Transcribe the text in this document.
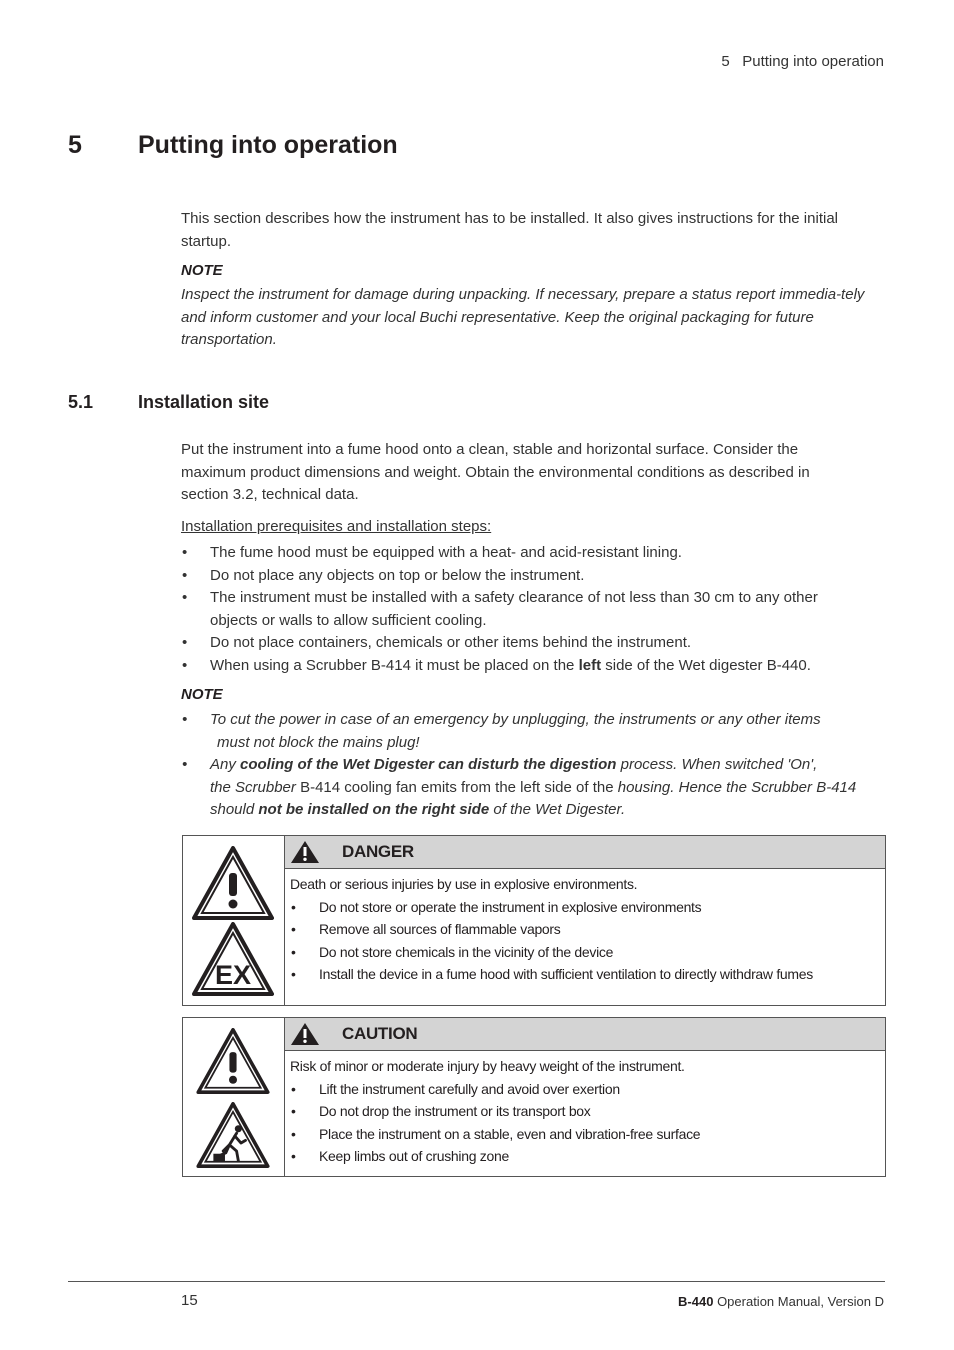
5   Putting into operation
5 Putting into operation
This section describes how the instrument has to be installed. It also gives instructions for the initial startup.
NOTE
Inspect the instrument for damage during unpacking. If necessary, prepare a status report immedia-tely and inform customer and your local Buchi representative. Keep the original packaging for future transportation.
5.1 Installation site
Put the instrument into a fume hood onto a clean, stable and horizontal surface. Consider the maximum product dimensions and weight. Obtain the environmental conditions as described in section 3.2, technical data.
Installation prerequisites and installation steps:
• The fume hood must be equipped with a heat- and acid-resistant lining.
• Do not place any objects on top or below the instrument.
• The instrument must be installed with a safety clearance of not less than 30 cm to any other objects or walls to allow sufficient cooling.
• Do not place containers, chemicals or other items behind the instrument.
• When using a Scrubber B-414 it must be placed on the left side of the Wet digester B-440.
NOTE
• To cut the power in case of an emergency by unplugging, the instruments or any other items
must not block the mains plug!
• Any cooling of the Wet Digester can disturb the digestion process. When switched 'On',
the Scrubber B-414 cooling fan emits from the left side of the housing. Hence the Scrubber B-414
should not be installed on the right side of the Wet Digester.
EX
DANGER
Death or serious injuries by use in explosive environments.
• Do not store or operate the instrument in explosive environments
• Remove all sources of flammable vapors
• Do not store chemicals in the vicinity of the device
• Install the device in a fume hood with sufficient ventilation to directly withdraw fumes
CAUTION
Risk of minor or moderate injury by heavy weight of the instrument.
• Lift the instrument carefully and avoid over exertion
• Do not drop the instrument or its transport box
• Place the instrument on a stable, even and vibration-free surface
• Keep limbs out of crushing zone
15	B-440 Operation Manual, Version D
